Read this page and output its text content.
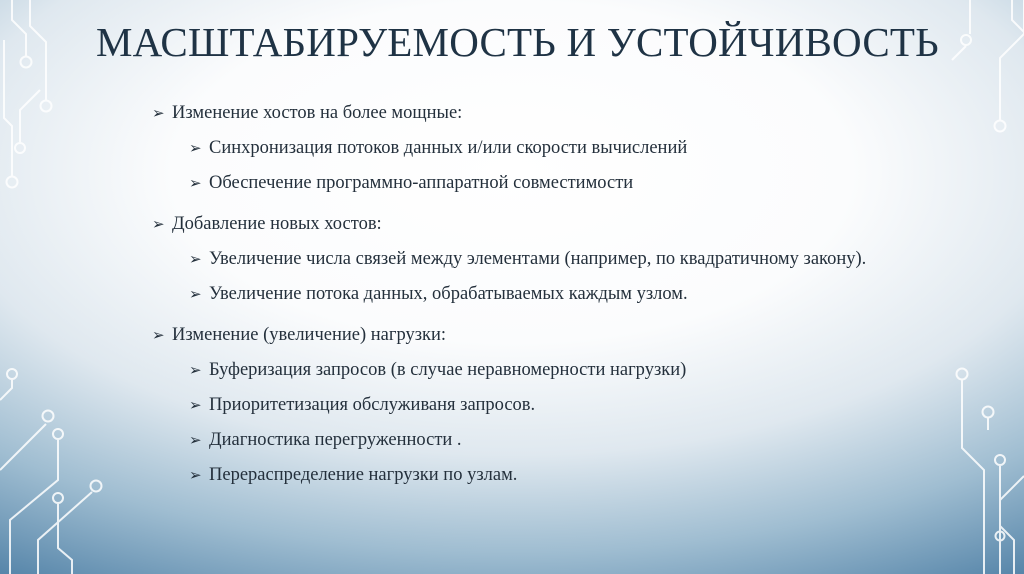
МАСШТАБИРУЕМОСТЬ И УСТОЙЧИВОСТЬ
➢ Изменение хостов на более мощные:
➢ Синхронизация потоков данных и/или скорости вычислений
➢ Обеспечение программно-аппаратной совместимости
➢ Добавление новых хостов:
➢ Увеличение числа связей между элементами (например, по квадратичному закону).
➢ Увеличение потока данных, обрабатываемых каждым узлом.
➢ Изменение (увеличение) нагрузки:
➢ Буферизация запросов (в случае неравномерности нагрузки)
➢ Приоритетизация обслуживаня запросов.
➢ Диагностика перегруженности .
➢ Перераспределение нагрузки по узлам.
